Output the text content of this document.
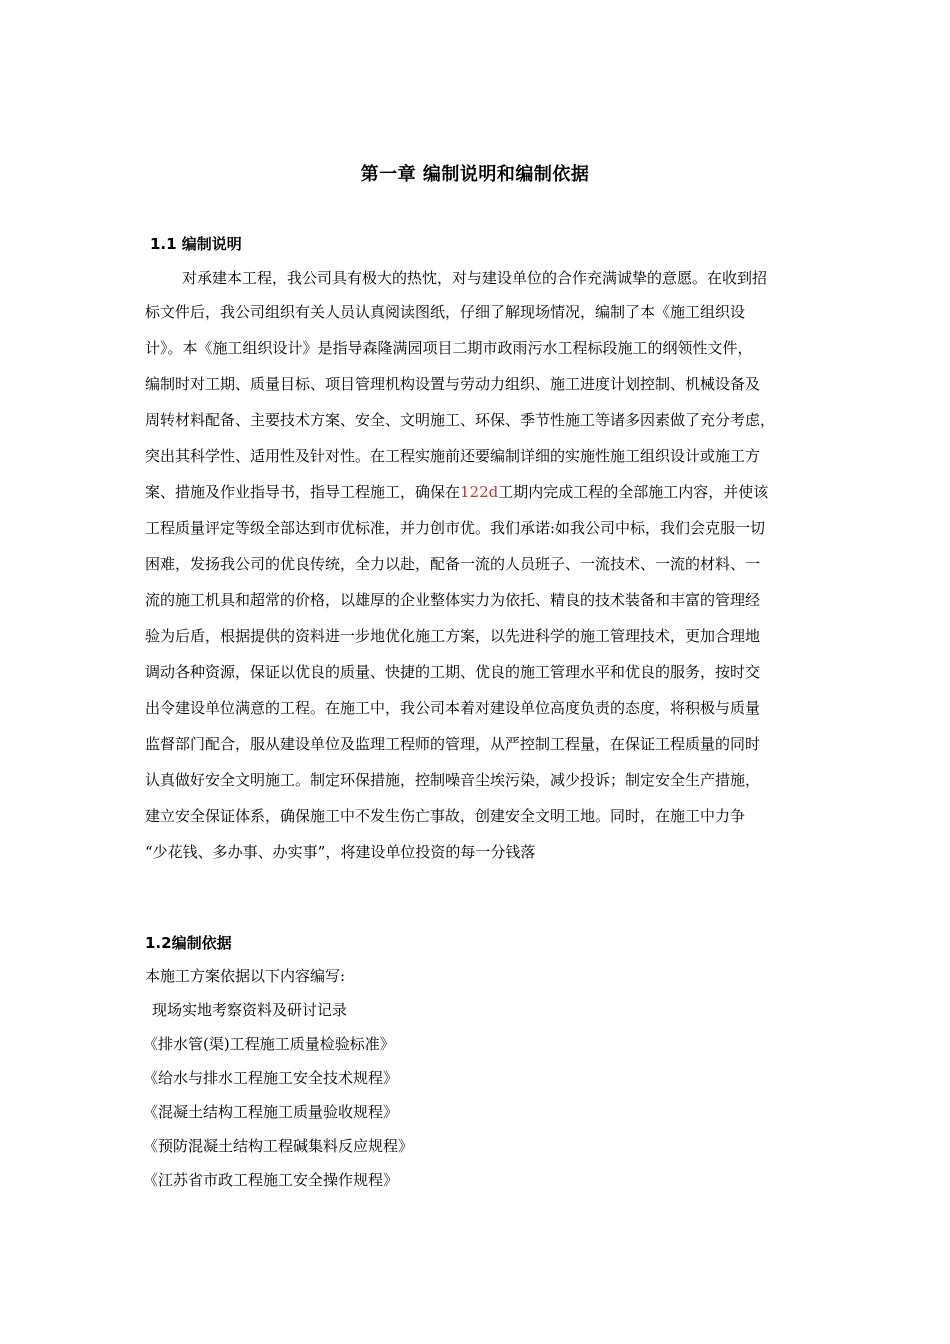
第一章 编制说明和编制依据
1.1 编制说明
对承建本工程，我公司具有极大的热忱，对与建设单位的合作充满诚挚的意愿。在收到招
标文件后，我公司组织有关人员认真阅读图纸，仔细了解现场情况，编制了本《施工组织设
计》。本《施工组织设计》是指导森隆满园项目二期市政雨污水工程标段施工的纲领性文件，
编制时对工期、质量目标、项目管理机构设置与劳动力组织、施工进度计划控制、机械设备及
周转材料配备、主要技术方案、安全、文明施工、环保、季节性施工等诸多因素做了充分考虑，
突出其科学性、适用性及针对性。在工程实施前还要编制详细的实施性施工组织设计或施工方
案、措施及作业指导书，指导工程施工，确保在122d工期内完成工程的全部施工内容，并使该
工程质量评定等级全部达到市优标准，并力创市优。我们承诺:如我公司中标，我们会克服一切
困难，发扬我公司的优良传统，全力以赴，配备一流的人员班子、一流技术、一流的材料、一
流的施工机具和超常的价格，以雄厚的企业整体实力为依托、精良的技术装备和丰富的管理经
验为后盾，根据提供的资料进一步地优化施工方案，以先进科学的施工管理技术，更加合理地
调动各种资源，保证以优良的质量、快捷的工期、优良的施工管理水平和优良的服务，按时交
出令建设单位满意的工程。在施工中，我公司本着对建设单位高度负责的态度，将积极与质量
监督部门配合，服从建设单位及监理工程师的管理，从严控制工程量，在保证工程质量的同时
认真做好安全文明施工。制定环保措施，控制噪音尘埃污染，减少投诉；制定安全生产措施，
建立安全保证体系，确保施工中不发生伤亡事故，创建安全文明工地。同时，在施工中力争
“少花钱、多办事、办实事”，将建设单位投资的每一分钱落
1.2编制依据
本施工方案依据以下内容编写:
现场实地考察资料及研讨记录
《排水管(渠)工程施工质量检验标准》
《给水与排水工程施工安全技术规程》
《混凝土结构工程施工质量验收规程》
《预防混凝土结构工程碱集料反应规程》
《江苏省市政工程施工安全操作规程》
